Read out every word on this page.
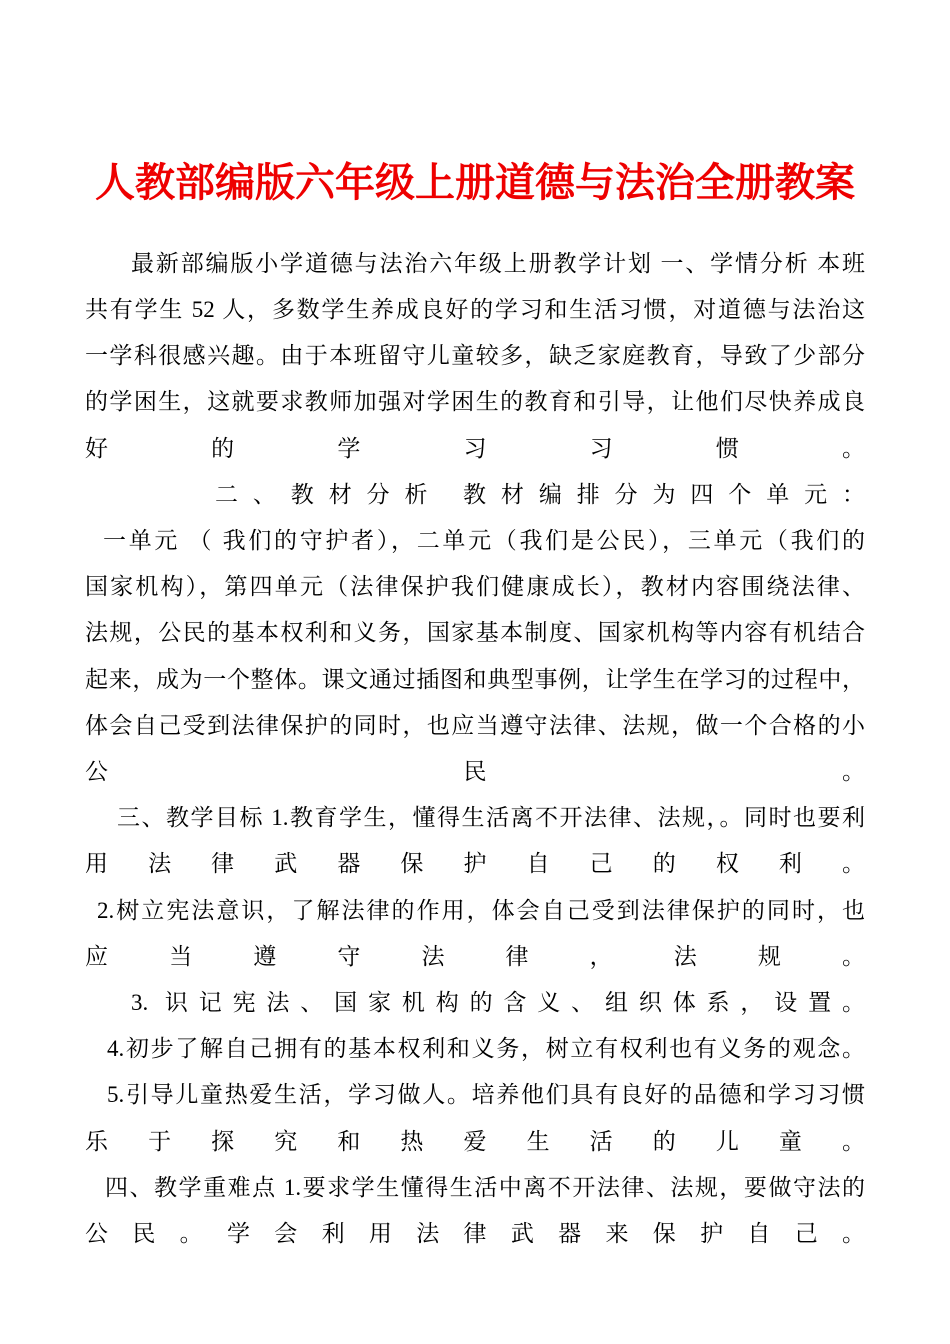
人教部编版六年级上册道德与法治全册教案

最新部编版小学道德与法治六年级上册教学计划 一、学情分析 本班

共有学生 52 人，多数学生养成良好的学习和生活习惯，对道德与法治这

一学科很感兴趣。由于本班留守儿童较多，缺乏家庭教育，导致了少部分

的学困生，这就要求教师加强对学困生的教育和引导，让他们尽快养成良

好的学习习惯。

二、教材分析 教材编排分为四个单元：

一单元 （ 我们的守护者），二单元（我们是公民），三单元（我们的

国家机构），第四单元（法律保护我们健康成长），教材内容围绕法律、

法规，公民的基本权利和义务，国家基本制度、国家机构等内容有机结合

起来，成为一个整体。课文通过插图和典型事例，让学生在学习的过程中，

体会自己受到法律保护的同时，也应当遵守法律、法规，做一个合格的小

公民。

三、教学目标 1.教育学生，懂得生活离不开法律、法规，。同时也要利

用法律武器保护自己的权利。

2.树立宪法意识，了解法律的作用，体会自己受到法律保护的同时，也

应当遵守法律，法规。

3. 识记宪法、国家机构的含义、组织体系，设置。

4.初步了解自己拥有的基本权利和义务，树立有权利也有义务的观念。

5.引导儿童热爱生活，学习做人。培养他们具有良好的品德和学习习惯

乐于探究和热爱生活的儿童。

四、教学重难点 1.要求学生懂得生活中离不开法律、法规，要做守法的

公民。学会利用法律武器来保护自己。
